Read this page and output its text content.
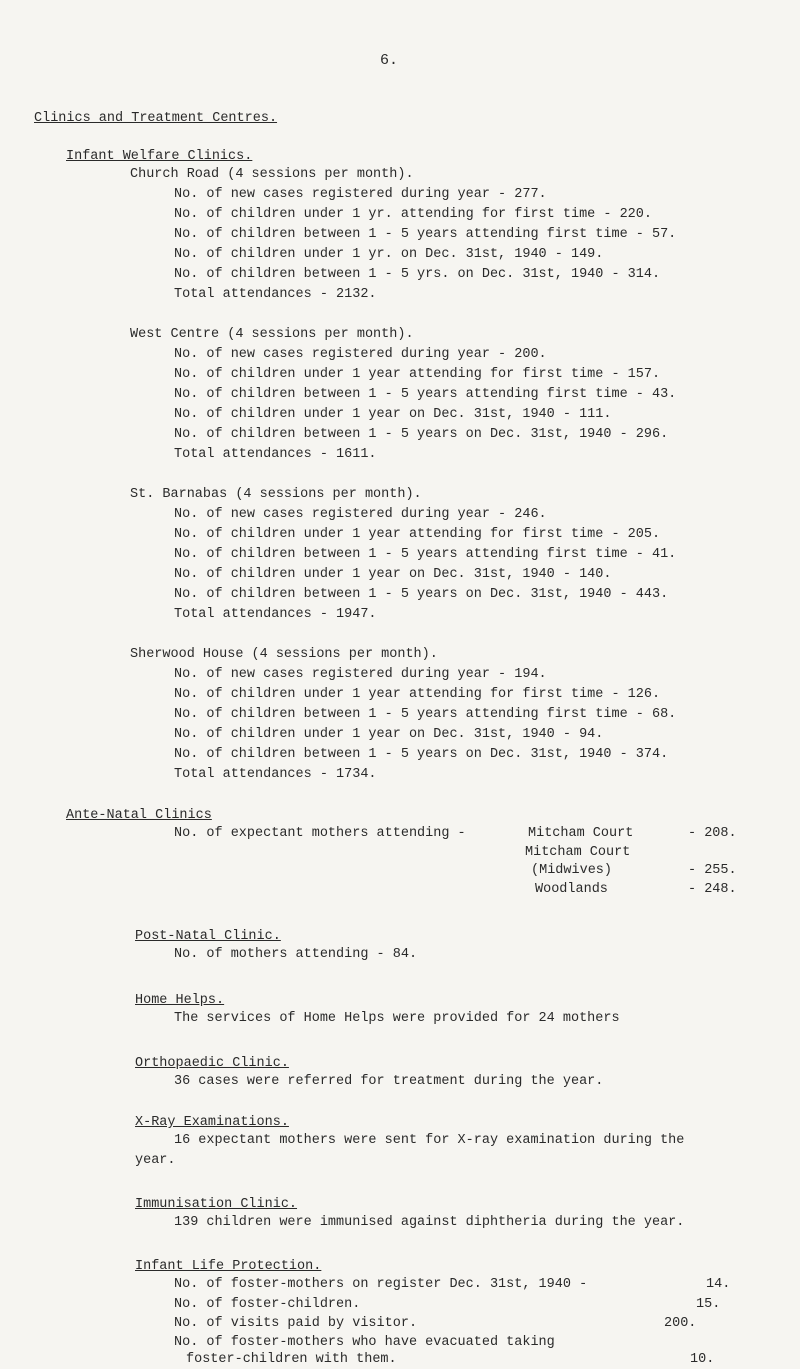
6.
Clinics and Treatment Centres.
Infant Welfare Clinics.
Church Road (4 sessions per month).
No. of new cases registered during year - 277.
No. of children under 1 yr. attending for first time - 220.
No. of children between 1 - 5 years attending first time - 57.
No. of children under 1 yr. on Dec. 31st, 1940 - 149.
No. of children between 1 - 5 yrs. on Dec. 31st, 1940 - 314.
Total attendances - 2132.
West Centre (4 sessions per month).
No. of new cases registered during year - 200.
No. of children under 1 year attending for first time - 157.
No. of children between 1 - 5 years attending first time - 43.
No. of children under 1 year on Dec. 31st, 1940 - 111.
No. of children between 1 - 5 years on Dec. 31st, 1940 - 296.
Total attendances - 1611.
St. Barnabas (4 sessions per month).
No. of new cases registered during year - 246.
No. of children under 1 year attending for first time - 205.
No. of children between 1 - 5 years attending first time - 41.
No. of children under 1 year on Dec. 31st, 1940 - 140.
No. of children between 1 - 5 years on Dec. 31st, 1940 - 443.
Total attendances - 1947.
Sherwood House (4 sessions per month).
No. of new cases registered during year - 194.
No. of children under 1 year attending for first time - 126.
No. of children between 1 - 5 years attending first time - 68.
No. of children under 1 year on Dec. 31st, 1940 - 94.
No. of children between 1 - 5 years on Dec. 31st, 1940 - 374.
Total attendances - 1734.
Ante-Natal Clinics
No. of expectant mothers attending -	Mitcham Court	- 208.
Mitcham Court
(Midwives)	- 255.
Woodlands	- 248.
Post-Natal Clinic.
No. of mothers attending - 84.
Home Helps.
The services of Home Helps were provided for 24 mothers
Orthopaedic Clinic.
36 cases were referred for treatment during the year.
X-Ray Examinations.
16 expectant mothers were sent for X-ray examination during the
year.
Immunisation Clinic.
139 children were immunised against diphtheria during the year.
Infant Life Protection.
No. of foster-mothers on register Dec. 31st, 1940 -	14.
No. of foster-children.	15.
No. of visits paid by visitor.	200.
No. of foster-mothers who have evacuated taking
foster-children with them.	10.
